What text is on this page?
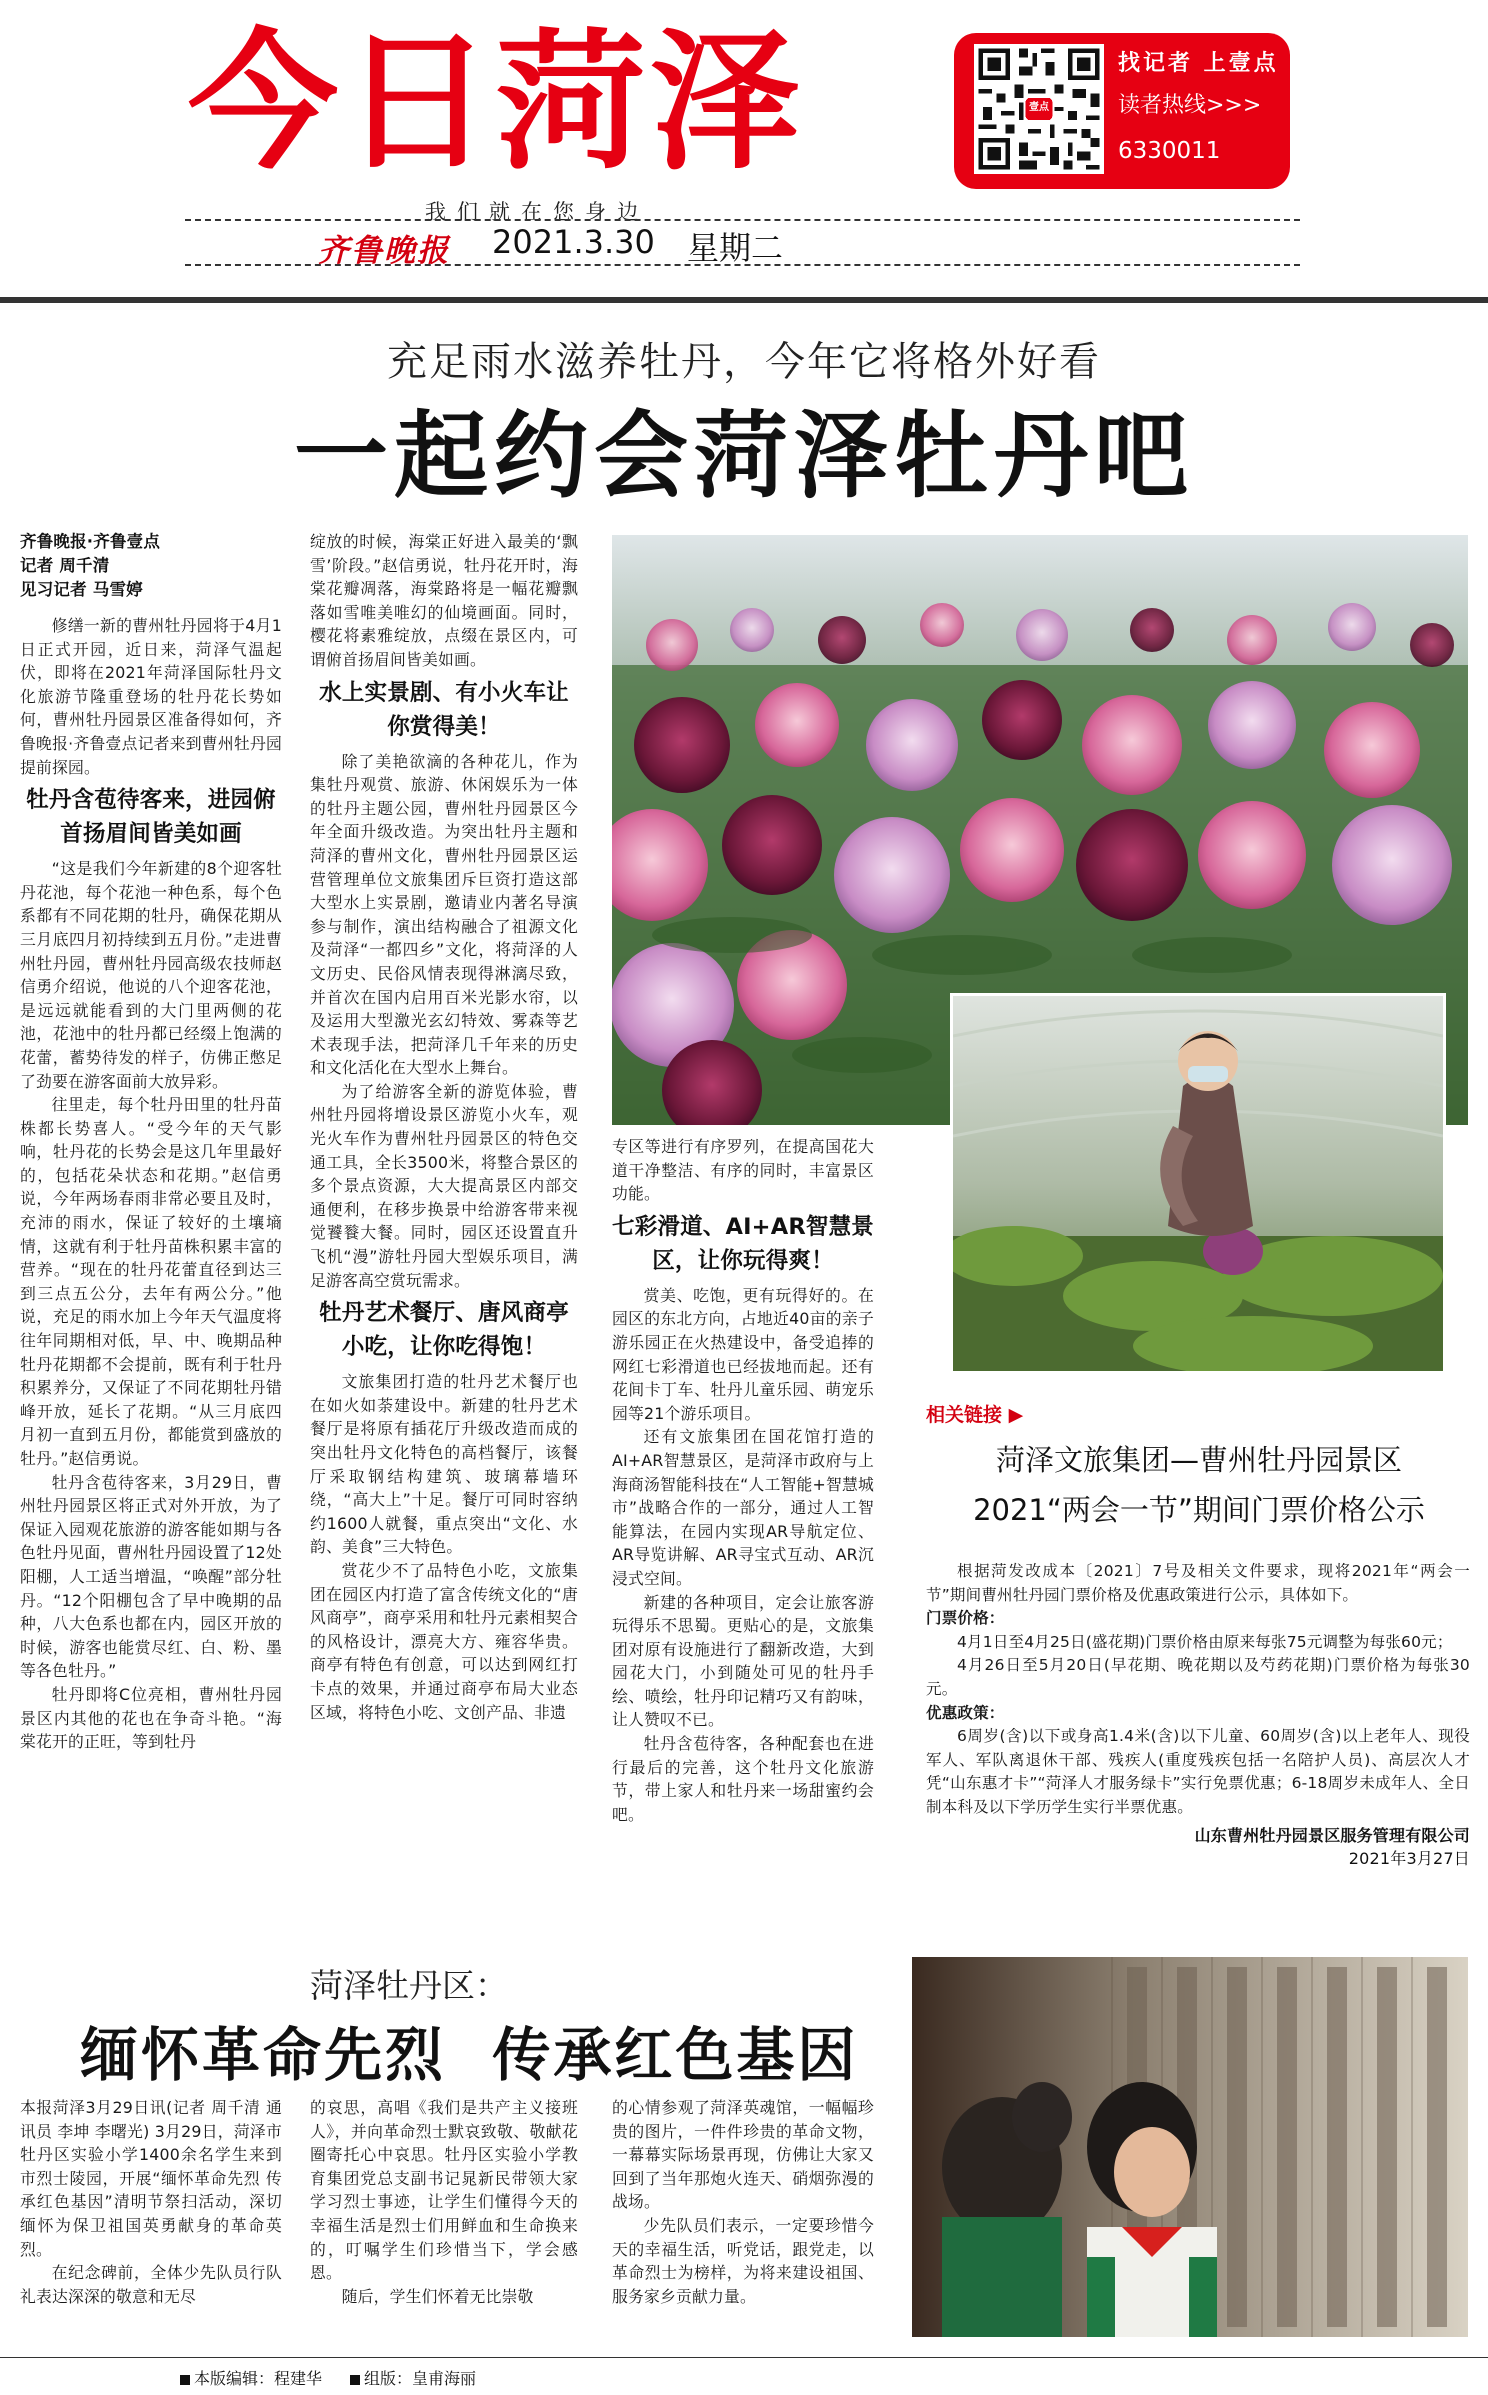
今日菏泽
我们就在您身边
齐鲁晚报 2021.3.30 星期二
壹点
找记者 上壹点
读者热线>>>
6330011
充足雨水滋养牡丹，今年它将格外好看
一起约会菏泽牡丹吧
齐鲁晚报·齐鲁壹点
记者 周千清
见习记者 马雪婷

修缮一新的曹州牡丹园将于4月1日正式开园，近日来，菏泽气温起伏，即将在2021年菏泽国际牡丹文化旅游节隆重登场的牡丹花长势如何，曹州牡丹园景区准备得如何，齐鲁晚报·齐鲁壹点记者来到曹州牡丹园提前探园。

牡丹含苞待客来，进园俯首扬眉间皆美如画

“这是我们今年新建的8个迎客牡丹花池，每个花池一种色系，每个色系都有不同花期的牡丹，确保花期从三月底四月初持续到五月份。”走进曹州牡丹园，曹州牡丹园高级农技师赵信勇介绍说，他说的八个迎客花池，是远远就能看到的大门里两侧的花池，花池中的牡丹都已经缀上饱满的花蕾，蓄势待发的样子，仿佛正憋足了劲要在游客面前大放异彩。

往里走，每个牡丹田里的牡丹苗株都长势喜人。“受今年的天气影响，牡丹花的长势会是这几年里最好的，包括花朵状态和花期。”赵信勇说，今年两场春雨非常必要且及时，充沛的雨水，保证了较好的土壤墒情，这就有利于牡丹苗株积累丰富的营养。“现在的牡丹花蕾直径到达三到三点五公分，去年有两公分。”他说，充足的雨水加上今年天气温度将往年同期相对低，早、中、晚期品种牡丹花期都不会提前，既有利于牡丹积累养分，又保证了不同花期牡丹错峰开放，延长了花期。“从三月底四月初一直到五月份，都能赏到盛放的牡丹。”赵信勇说。

牡丹含苞待客来，3月29日，曹州牡丹园景区将正式对外开放，为了保证入园观花旅游的游客能如期与各色牡丹见面，曹州牡丹园设置了12处阳棚，人工适当增温，“唤醒”部分牡丹。“12个阳棚包含了早中晚期的品种，八大色系也都在内，园区开放的时候，游客也能赏尽红、白、粉、墨等各色牡丹。”

牡丹即将C位亮相，曹州牡丹园景区内其他的花也在争奇斗艳。“海棠花开的正旺，等到牡丹

绽放的时候，海棠正好进入最美的‘飘雪’阶段。”赵信勇说，牡丹花开时，海棠花瓣凋落，海棠路将是一幅花瓣飘落如雪唯美唯幻的仙境画面。同时，樱花将素雅绽放，点缀在景区内，可谓俯首扬眉间皆美如画。

水上实景剧、有小火车让你赏得美！

除了美艳欲滴的各种花儿，作为集牡丹观赏、旅游、休闲娱乐为一体的牡丹主题公园，曹州牡丹园景区今年全面升级改造。为突出牡丹主题和菏泽的曹州文化，曹州牡丹园景区运营管理单位文旅集团斥巨资打造这部大型水上实景剧，邀请业内著名导演参与制作，演出结构融合了祖源文化及菏泽“一都四乡”文化，将菏泽的人文历史、民俗风情表现得淋漓尽致，并首次在国内启用百米光影水帘，以及运用大型激光玄幻特效、雾森等艺术表现手法，把菏泽几千年来的历史和文化活化在大型水上舞台。

为了给游客全新的游览体验，曹州牡丹园将增设景区游览小火车，观光火车作为曹州牡丹园景区的特色交通工具，全长3500米，将整合景区的多个景点资源，大大提高景区内部交通便利，在移步换景中给游客带来视觉饕餮大餐。同时，园区还设置直升飞机“漫”游牡丹园大型娱乐项目，满足游客高空赏玩需求。

牡丹艺术餐厅、唐风商亭小吃，让你吃得饱！

文旅集团打造的牡丹艺术餐厅也在如火如荼建设中。新建的牡丹艺术餐厅是将原有插花厅升级改造而成的突出牡丹文化特色的高档餐厅，该餐厅采取钢结构建筑、玻璃幕墙环绕，“高大上”十足。餐厅可同时容纳约1600人就餐，重点突出“文化、水韵、美食”三大特色。

赏花少不了品特色小吃，文旅集团在园区内打造了富含传统文化的“唐风商亭”，商亭采用和牡丹元素相契合的风格设计，漂亮大方、雍容华贵。商亭有特色有创意，可以达到网红打卡点的效果，并通过商亭布局大业态区域，将特色小吃、文创产品、非遗

专区等进行有序罗列，在提高国花大道干净整洁、有序的同时，丰富景区功能。

七彩滑道、AI+AR智慧景区，让你玩得爽！

赏美、吃饱，更有玩得好的。在园区的东北方向，占地近40亩的亲子游乐园正在火热建设中，备受追捧的网红七彩滑道也已经拔地而起。还有花间卡丁车、牡丹儿童乐园、萌宠乐园等21个游乐项目。

还有文旅集团在国花馆打造的AI+AR智慧景区，是菏泽市政府与上海商汤智能科技在“人工智能+智慧城市”战略合作的一部分，通过人工智能算法，在园内实现AR导航定位、AR导览讲解、AR寻宝式互动、AR沉浸式空间。

新建的各种项目，定会让旅客游玩得乐不思蜀。更贴心的是，文旅集团对原有设施进行了翻新改造，大到园花大门，小到随处可见的牡丹手绘、喷绘，牡丹印记精巧又有韵味，让人赞叹不已。

牡丹含苞待客，各种配套也在进行最后的完善，这个牡丹文化旅游节，带上家人和牡丹来一场甜蜜约会吧。

相关链接 ▶
菏泽文旅集团—曹州牡丹园景区
2021“两会一节”期间门票价格公示

根据菏发改成本〔2021〕7号及相关文件要求，现将2021年“两会一节”期间曹州牡丹园门票价格及优惠政策进行公示，具体如下。

门票价格：

4月1日至4月25日(盛花期)门票价格由原来每张75元调整为每张60元；

4月26日至5月20日(早花期、晚花期以及芍药花期)门票价格为每张30元。

优惠政策：

6周岁(含)以下或身高1.4米(含)以下儿童、60周岁(含)以上老年人、现役军人、军队离退休干部、残疾人(重度残疾包括一名陪护人员)、高层次人才凭“山东惠才卡”“菏泽人才服务绿卡”实行免票优惠；6-18周岁未成年人、全日制本科及以下学历学生实行半票优惠。

山东曹州牡丹园景区服务管理有限公司
2021年3月27日
菏泽牡丹区：
缅怀革命先烈  传承红色基因

本报菏泽3月29日讯(记者 周千清 通讯员 李坤 李曙光) 3月29日，菏泽市牡丹区实验小学1400余名学生来到市烈士陵园，开展“缅怀革命先烈 传承红色基因”清明节祭扫活动，深切缅怀为保卫祖国英勇献身的革命英烈。

在纪念碑前，全体少先队员行队礼表达深深的敬意和无尽

的哀思，高唱《我们是共产主义接班人》，并向革命烈士默哀致敬、敬献花圈寄托心中哀思。牡丹区实验小学教育集团党总支副书记晁新民带领大家学习烈士事迹，让学生们懂得今天的幸福生活是烈士们用鲜血和生命换来的，叮嘱学生们珍惜当下，学会感恩。

随后，学生们怀着无比崇敬

的心情参观了菏泽英魂馆，一幅幅珍贵的图片，一件件珍贵的革命文物，一幕幕实际场景再现，仿佛让大家又回到了当年那炮火连天、硝烟弥漫的战场。

少先队员们表示，一定要珍惜今天的幸福生活，听党话，跟党走，以革命烈士为榜样，为将来建设祖国、服务家乡贡献力量。

本版编辑：程建华	组版：皇甫海丽
